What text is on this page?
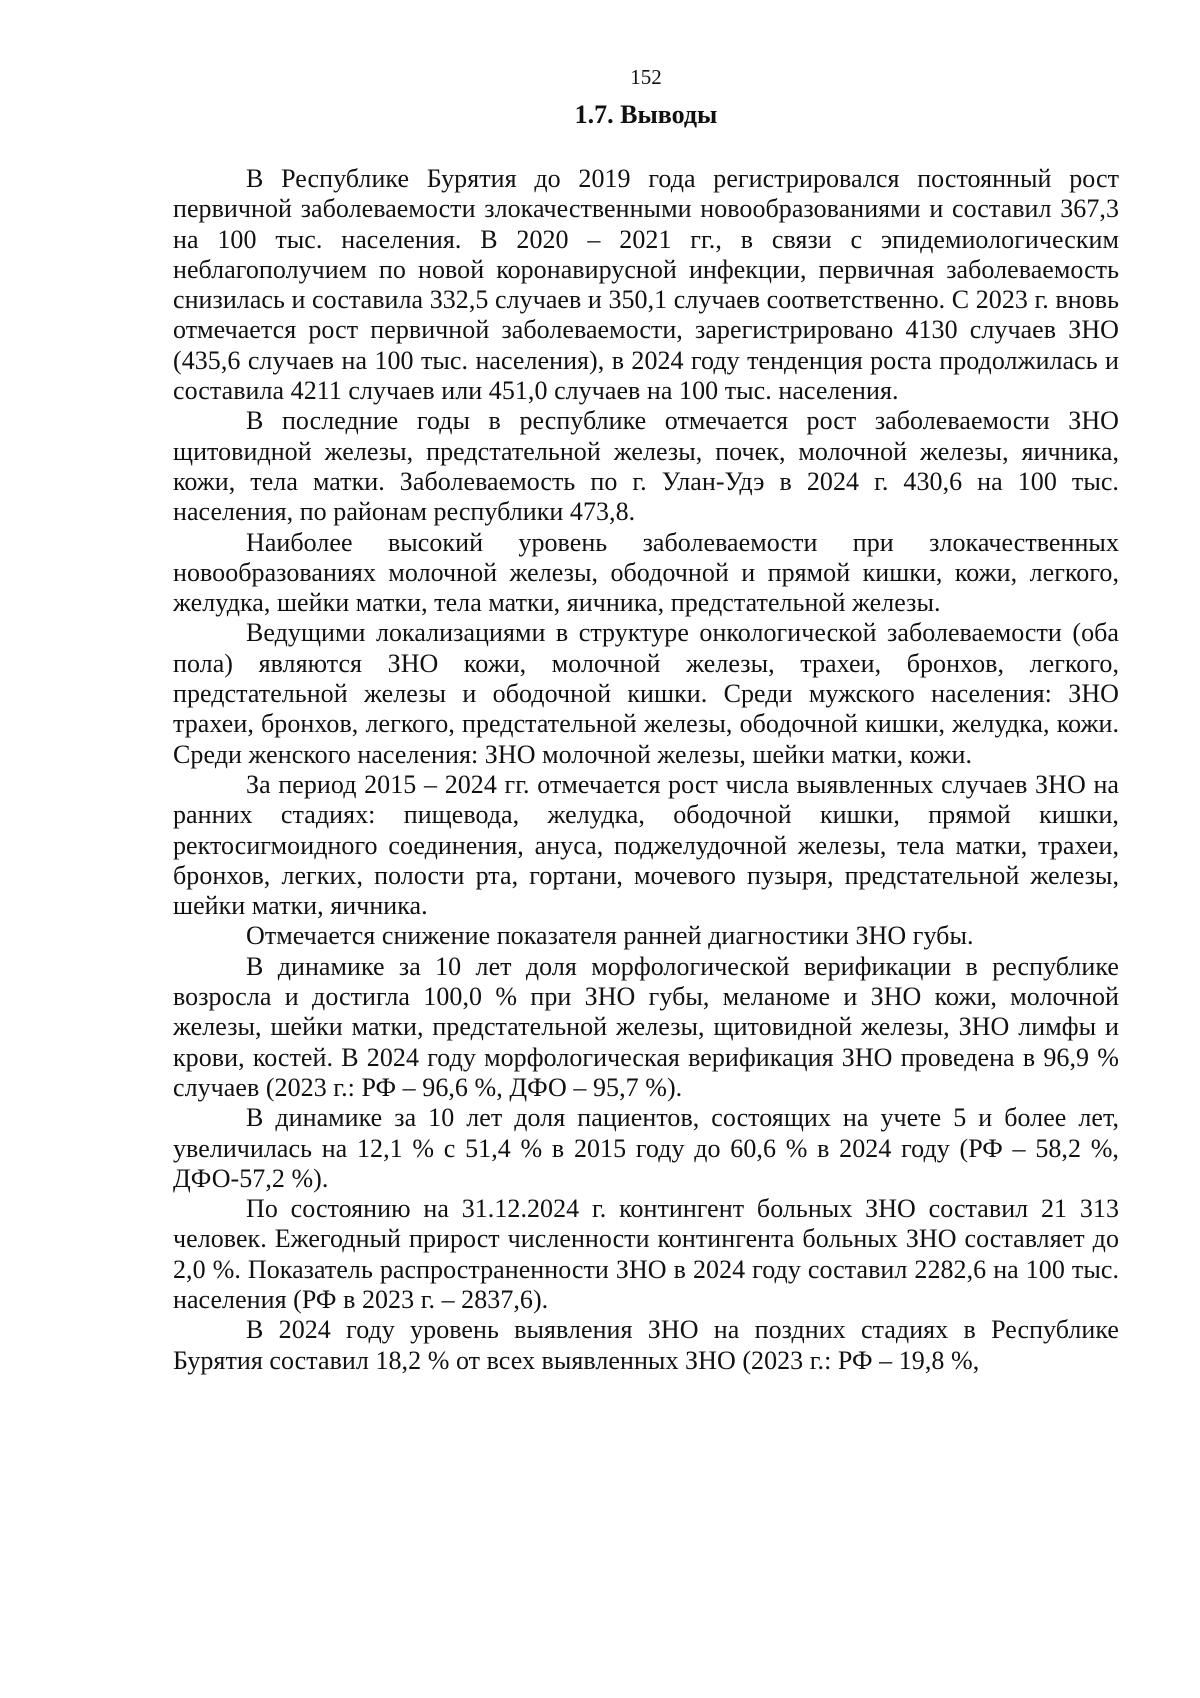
152
1.7. Выводы

В Республике Бурятия до 2019 года регистрировался постоянный рост первичной заболеваемости злокачественными новообразованиями и составил 367,3 на 100 тыс. населения. В 2020 – 2021 гг., в связи с эпидемиологическим неблагополучием по новой коронавирусной инфекции, первичная заболеваемость снизилась и составила 332,5 случаев и 350,1 случаев соответственно. С 2023 г. вновь отмечается рост первичной заболеваемости, зарегистрировано 4130 случаев ЗНО (435,6 случаев на 100 тыс. населения), в 2024 году тенденция роста продолжилась и составила 4211 случаев или 451,0 случаев на 100 тыс. населения.

В последние годы в республике отмечается рост заболеваемости ЗНО щитовидной железы, предстательной железы, почек, молочной железы, яичника, кожи, тела матки. Заболеваемость по г. Улан-Удэ в 2024 г. 430,6 на 100 тыс. населения, по районам республики 473,8.

Наиболее высокий уровень заболеваемости при злокачественных новообразованиях молочной железы, ободочной и прямой кишки, кожи, легкого, желудка, шейки матки, тела матки, яичника, предстательной железы.

Ведущими локализациями в структуре онкологической заболеваемости (оба пола) являются ЗНО кожи, молочной железы, трахеи, бронхов, легкого, предстательной железы и ободочной кишки. Среди мужского населения: ЗНО трахеи, бронхов, легкого, предстательной железы, ободочной кишки, желудка, кожи. Среди женского населения: ЗНО молочной железы, шейки матки, кожи.

За период 2015 – 2024 гг. отмечается рост числа выявленных случаев ЗНО на ранних стадиях: пищевода, желудка, ободочной кишки, прямой кишки, ректосигмоидного соединения, ануса, поджелудочной железы, тела матки, трахеи, бронхов, легких, полости рта, гортани, мочевого пузыря, предстательной железы, шейки матки, яичника.

Отмечается снижение показателя ранней диагностики ЗНО губы.

В динамике за 10 лет доля морфологической верификации в республике возросла и достигла 100,0 % при ЗНО губы, меланоме и ЗНО кожи, молочной железы, шейки матки, предстательной железы, щитовидной железы, ЗНО лимфы и крови, костей. В 2024 году морфологическая верификация ЗНО проведена в 96,9 % случаев (2023 г.: РФ – 96,6 %, ДФО – 95,7 %).

В динамике за 10 лет доля пациентов, состоящих на учете 5 и более лет, увеличилась на 12,1 % с 51,4 % в 2015 году до 60,6 % в 2024 году (РФ – 58,2 %, ДФО-57,2 %).

По состоянию на 31.12.2024 г. контингент больных ЗНО составил 21 313 человек. Ежегодный прирост численности контингента больных ЗНО составляет до 2,0 %. Показатель распространенности ЗНО в 2024 году составил 2282,6 на 100 тыс. населения (РФ в 2023 г. – 2837,6).

В 2024 году уровень выявления ЗНО на поздних стадиях в Республике Бурятия составил 18,2 % от всех выявленных ЗНО (2023 г.: РФ – 19,8 %,
